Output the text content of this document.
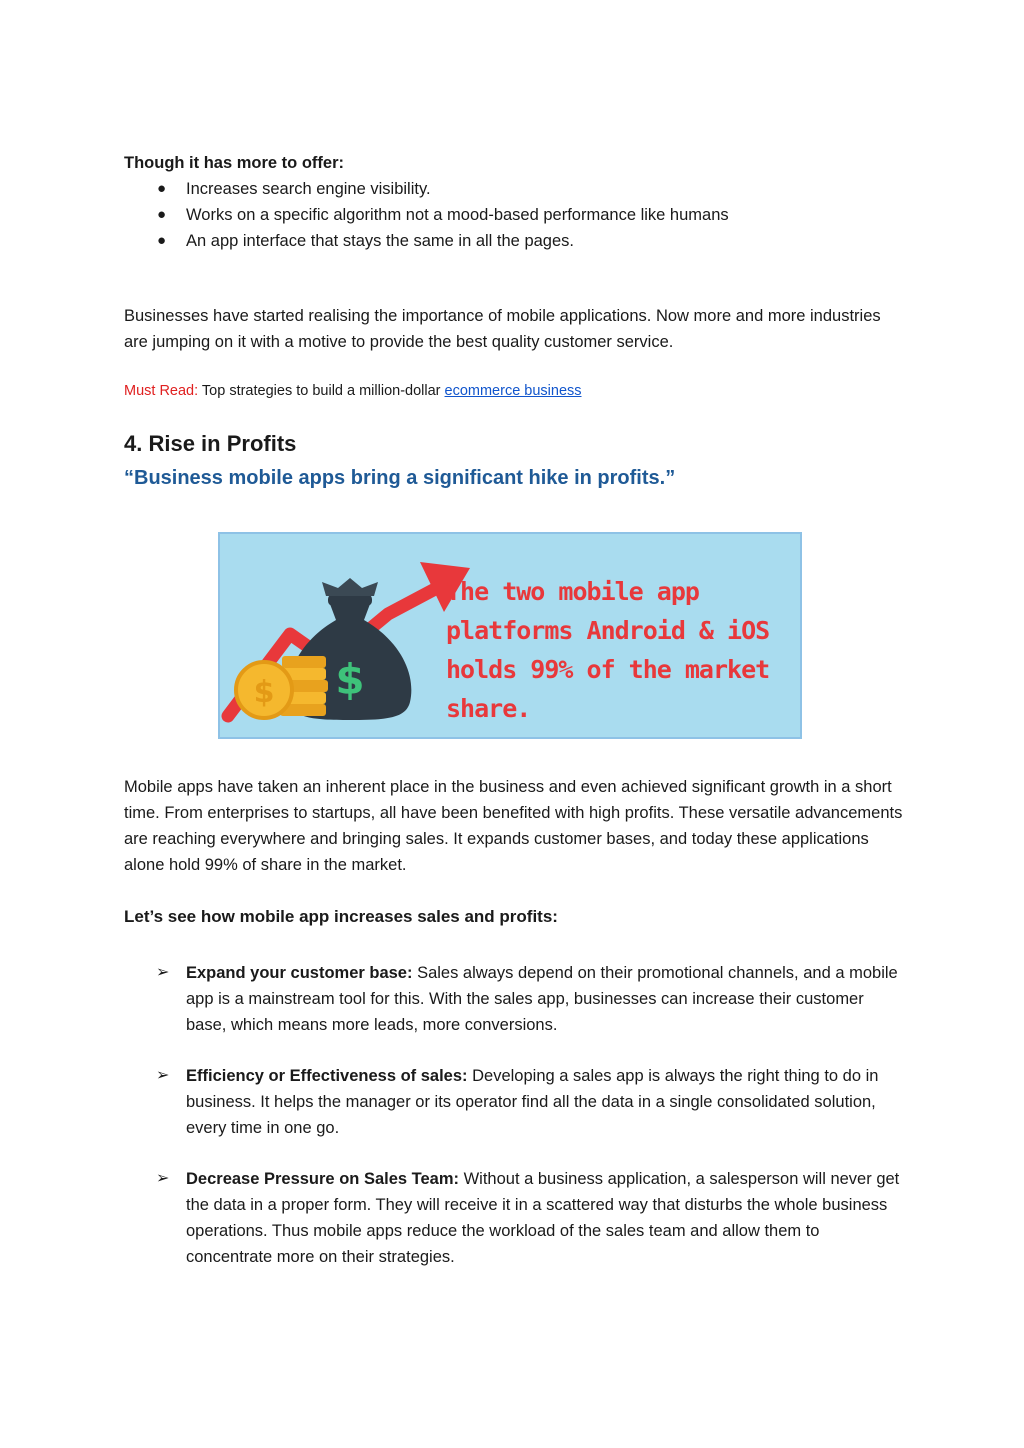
Though it has more to offer:
● Increases search engine visibility.
● Works on a specific algorithm not a mood-based performance like humans
● An app interface that stays the same in all the pages.
Businesses have started realising the importance of mobile applications. Now more and more industries are jumping on it with a motive to provide the best quality customer service.
Must Read: Top strategies to build a million-dollar ecommerce business
4. Rise in Profits
“Business mobile apps bring a significant hike in profits.”
$
$
The two mobile app platforms Android & iOS holds 99% of the market share.
Mobile apps have taken an inherent place in the business and even achieved significant growth in a short time. From enterprises to startups, all have been benefited with high profits. These versatile advancements are reaching everywhere and bringing sales. It expands customer bases, and today these applications alone hold 99% of share in the market.
Let’s see how mobile app increases sales and profits:
➢ Expand your customer base: Sales always depend on their promotional channels, and a mobile app is a mainstream tool for this. With the sales app, businesses can increase their customer base, which means more leads, more conversions.
➢ Efficiency or Effectiveness of sales: Developing a sales app is always the right thing to do in business. It helps the manager or its operator find all the data in a single consolidated solution, every time in one go.
➢ Decrease Pressure on Sales Team: Without a business application, a salesperson will never get the data in a proper form. They will receive it in a scattered way that disturbs the whole business operations. Thus mobile apps reduce the workload of the sales team and allow them to concentrate more on their strategies.
